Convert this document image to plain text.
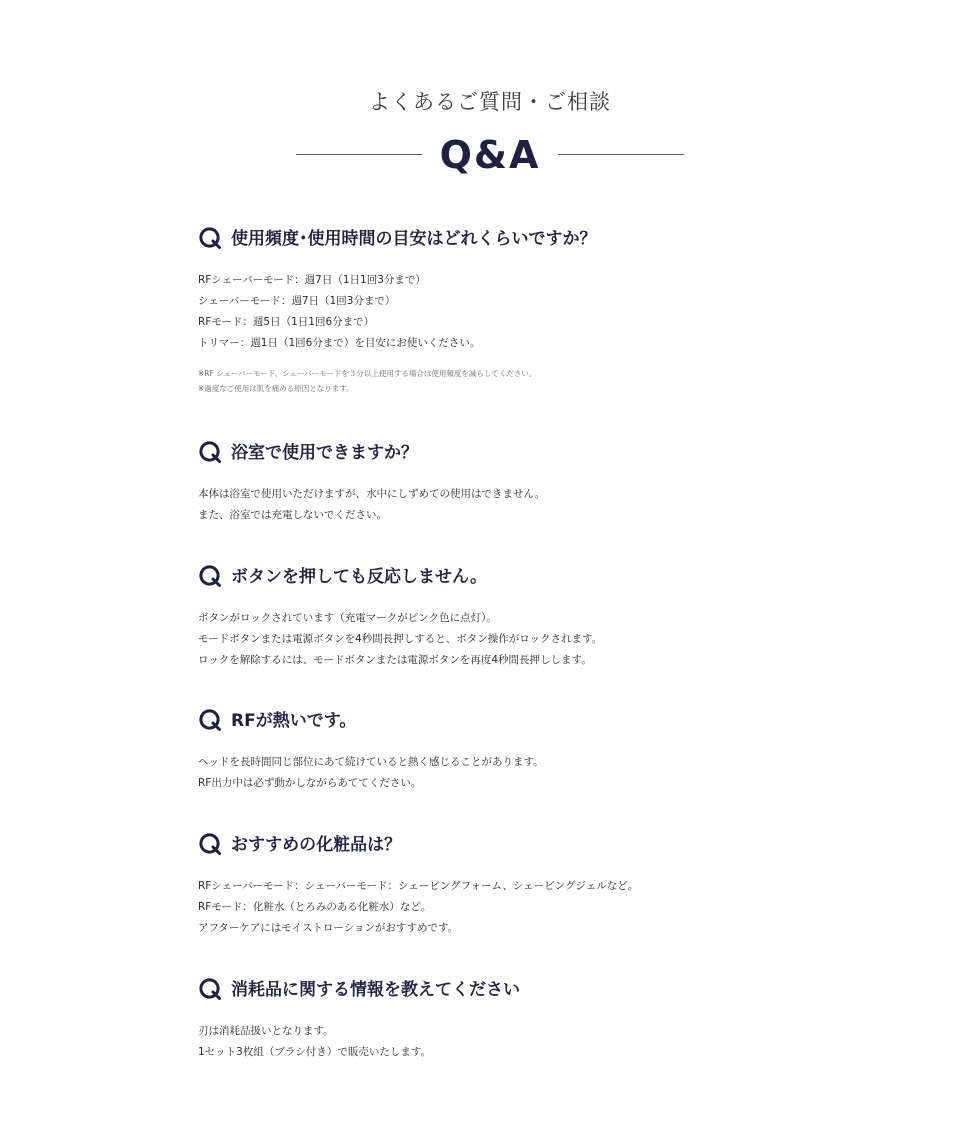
よくあるご質問・ご相談
Q&A
使用頻度･使用時間の目安はどれくらいですか？
RFシェーバーモード：週7日（1日1回3分まで）
シェーバーモード：週7日（1回3分まで）
RFモード：週5日（1日1回6分まで）
トリマー：週1日（1回6分まで）を目安にお使いください。
※RF シェーバーモード、シェーバーモードを３分以上使用する場合は使用頻度を減らしてください。
※過度なご使用は肌を痛める原因となります。
浴室で使用できますか？
本体は浴室で使用いただけますが、水中にしずめての使用はできません。
また、浴室では充電しないでください。
ボタンを押しても反応しません。
ボタンがロックされています（充電マークがピンク色に点灯）。
モードボタンまたは電源ボタンを4秒間長押しすると、ボタン操作がロックされます。
ロックを解除するには、モードボタンまたは電源ボタンを再度4秒間長押しします。
RFが熱いです。
ヘッドを長時間同じ部位にあて続けていると熱く感じることがあります。
RF出力中は必ず動かしながらあててください。
おすすめの化粧品は？
RFシェーバーモード：シェーバーモード：シェービングフォーム、シェービングジェルなど。
RFモード：化粧水（とろみのある化粧水）など。
アフターケアにはモイストローションがおすすめです。
消耗品に関する情報を教えてください
刃は消耗品扱いとなります。
1セット3枚組（ブラシ付き）で販売いたします。
